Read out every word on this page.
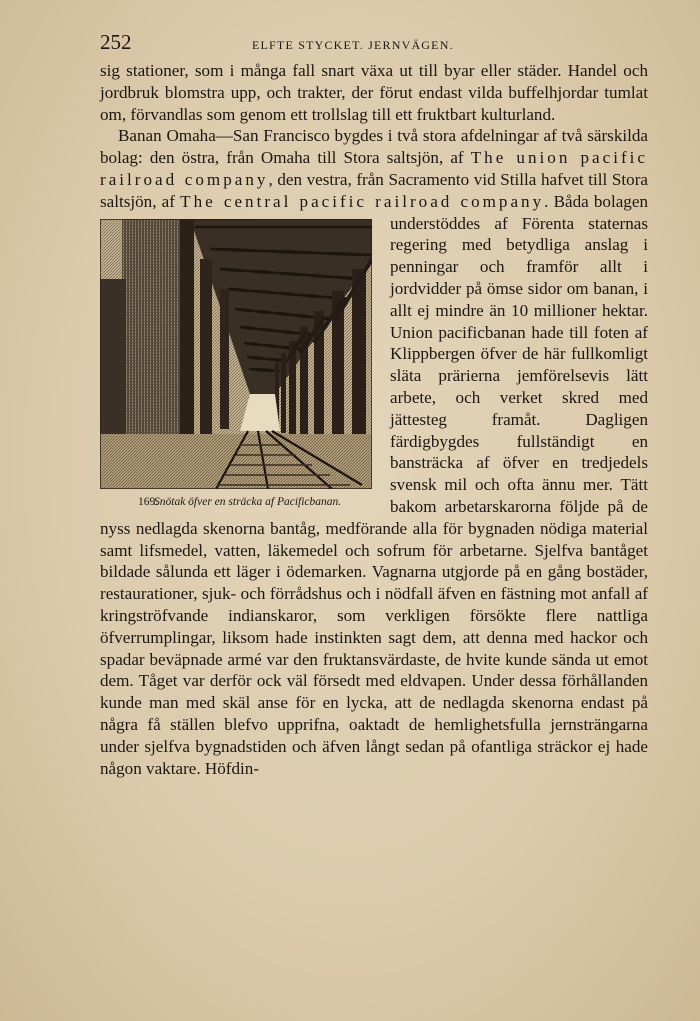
252	ELFTE STYCKET. JERNVÄGEN.

sig stationer, som i många fall snart växa ut till byar eller städer. Handel och jordbruk blomstra upp, och trakter, der förut endast vilda buffelhjordar tumlat om, förvandlas som genom ett trollslag till ett fruktbart kulturland.

Banan Omaha—San Francisco bygdes i två stora afdelningar af två särskilda bolag: den östra, från Omaha till Stora saltsjön, af The union pacific railroad company, den vestra, från Sacramento vid Stilla hafvet till Stora saltsjön, af The central pacific railroad company
169.Snötak öfver en sträcka af Pacificbanan.
. Båda bolagen understöddes af Förenta staternas regering med betydliga anslag i penningar och framför allt i jordvidder på ömse sidor om banan, i allt ej mindre än 10 millioner hektar. Union pacificbanan hade till foten af Klippbergen öfver de här fullkomligt släta prärierna jemförelsevis lätt arbete, och verket skred med jättesteg framåt. Dagligen färdigbygdes fullständigt en bansträcka af öfver en tredjedels svensk mil och ofta ännu mer. Tätt bakom arbetarskarorna följde på de nyss nedlagda skenorna bantåg, medförande alla för bygnaden nödiga material samt lifsmedel, vatten, läkemedel och sofrum för arbetarne. Sjelfva bantåget bildade sålunda ett läger i ödemarken. Vagnarna utgjorde på en gång bostäder, restaurationer, sjuk- och förrådshus och i nödfall äfven en fästning mot anfall af kringströfvande indianskaror, som verkligen försökte flere nattliga öfverrumplingar, liksom hade instinkten sagt dem, att denna med hackor och spadar beväpnade armé var den fruktansvärdaste, de hvite kunde sända ut emot dem. Tåget var derför ock väl försedt med eldvapen. Under dessa förhållanden kunde man med skäl anse för en lycka, att de nedlagda skenorna endast på några få ställen blefvo upprifna, oaktadt de hemlighetsfulla jernsträngarna under sjelfva bygnadstiden och äfven långt sedan på ofantliga sträckor ej hade någon vaktare. Höfdin-
